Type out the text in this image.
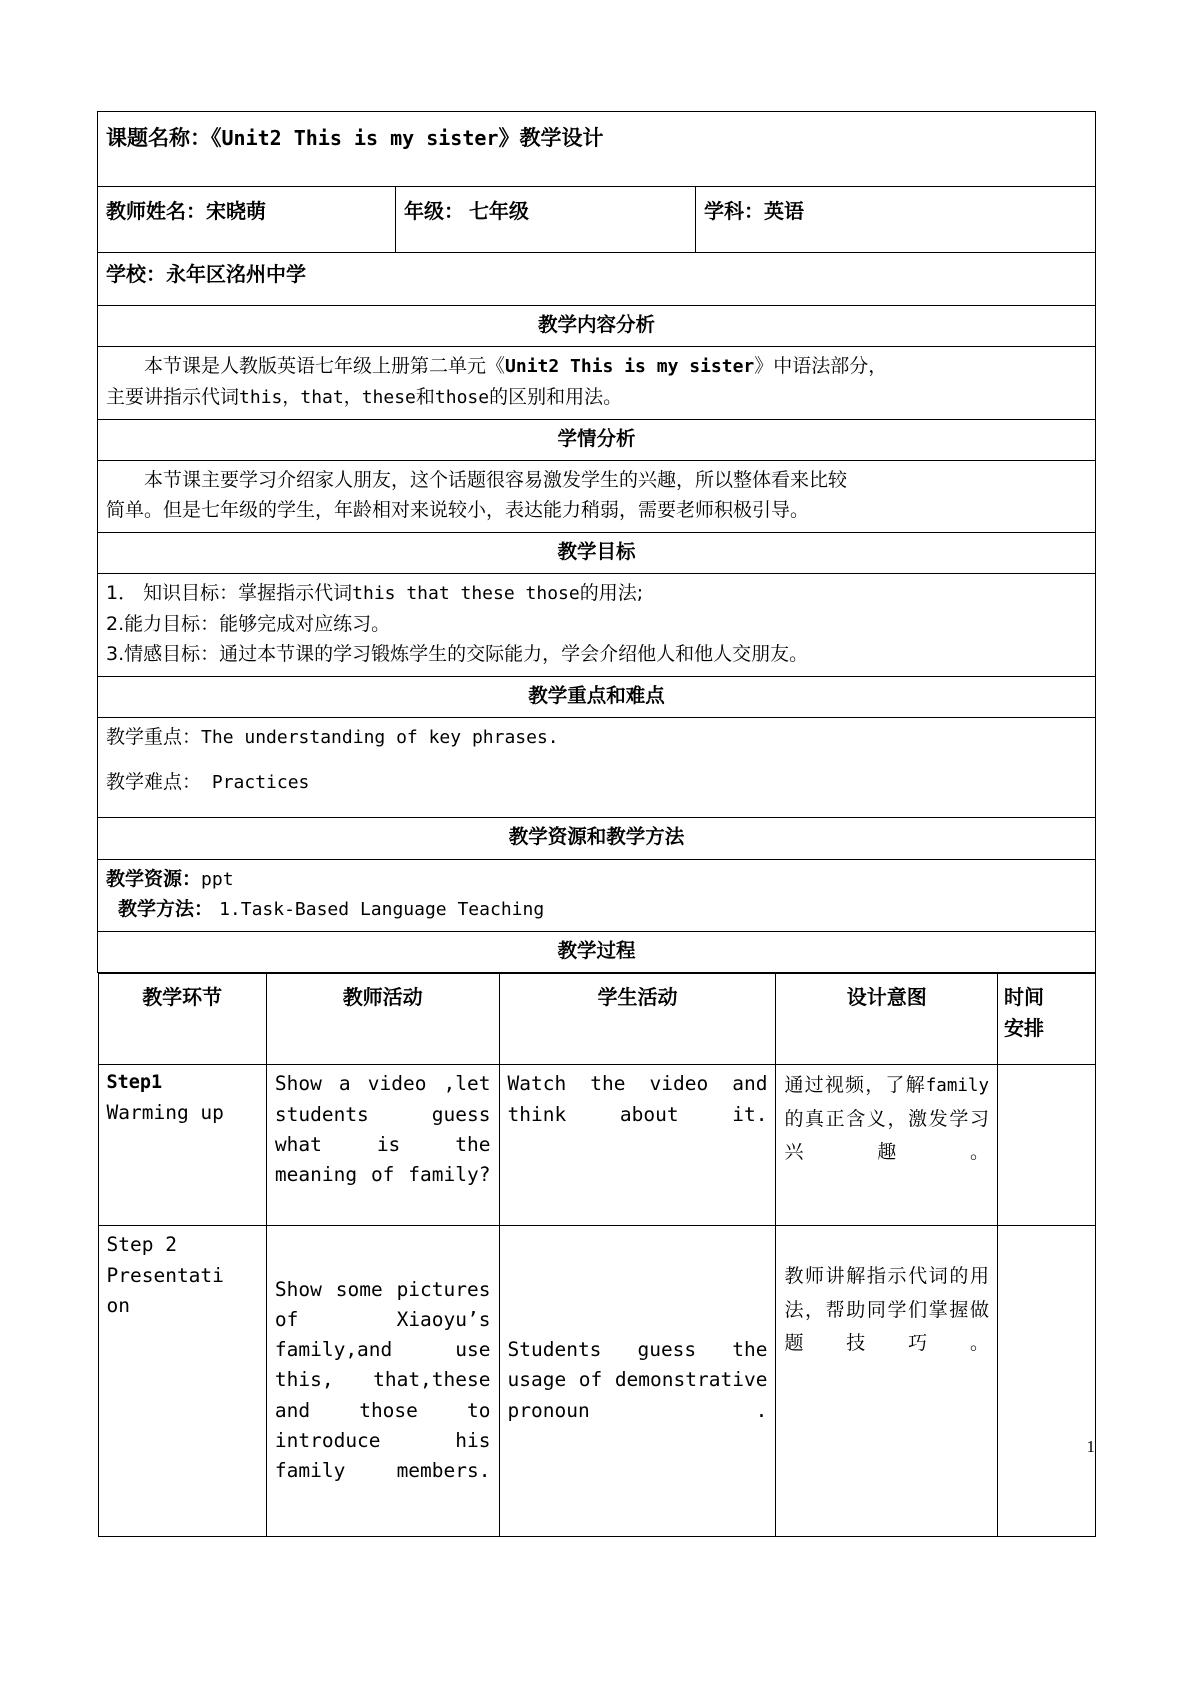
课题名称：《Unit2 This is my sister》教学设计
教师姓名：宋晓萌	年级： 七年级	学科：英语
学校：永年区洺州中学
教学内容分析

本节课是人教版英语七年级上册第二单元《Unit2 This is my sister》中语法部分，
主要讲指示代词this，that，these和those的区别和用法。

学情分析

本节课主要学习介绍家人朋友，这个话题很容易激发学生的兴趣，所以整体看来比较
简单。但是七年级的学生，年龄相对来说较小，表达能力稍弱，需要老师积极引导。

教学目标

1． 知识目标：掌握指示代词this that these those的用法;
2.能力目标：能够完成对应练习。
3.情感目标：通过本节课的学习锻炼学生的交际能力，学会介绍他人和他人交朋友。

教学重点和难点

教学重点：The understanding of key phrases.
教学难点： Practices

教学资源和教学方法

教学资源：ppt
教学方法： 1.Task-Based Language Teaching

教学过程

教学环节	教师活动	学生活动	设计意图	时间
安排

Step1
Warming up
	Show a video ,let students guess what is the meaning of family?	Watch the video and think about it.	通过视频，了解family的真正含义，激发学习兴趣。	

Step 2
Presentati
on
	Show some pictures of Xiaoyu’s family,and use this, that,these and those to introduce his family members.	Students guess the usage of demonstrative pronoun .	教师讲解指示代词的用法，帮助同学们掌握做题技巧。	
1
